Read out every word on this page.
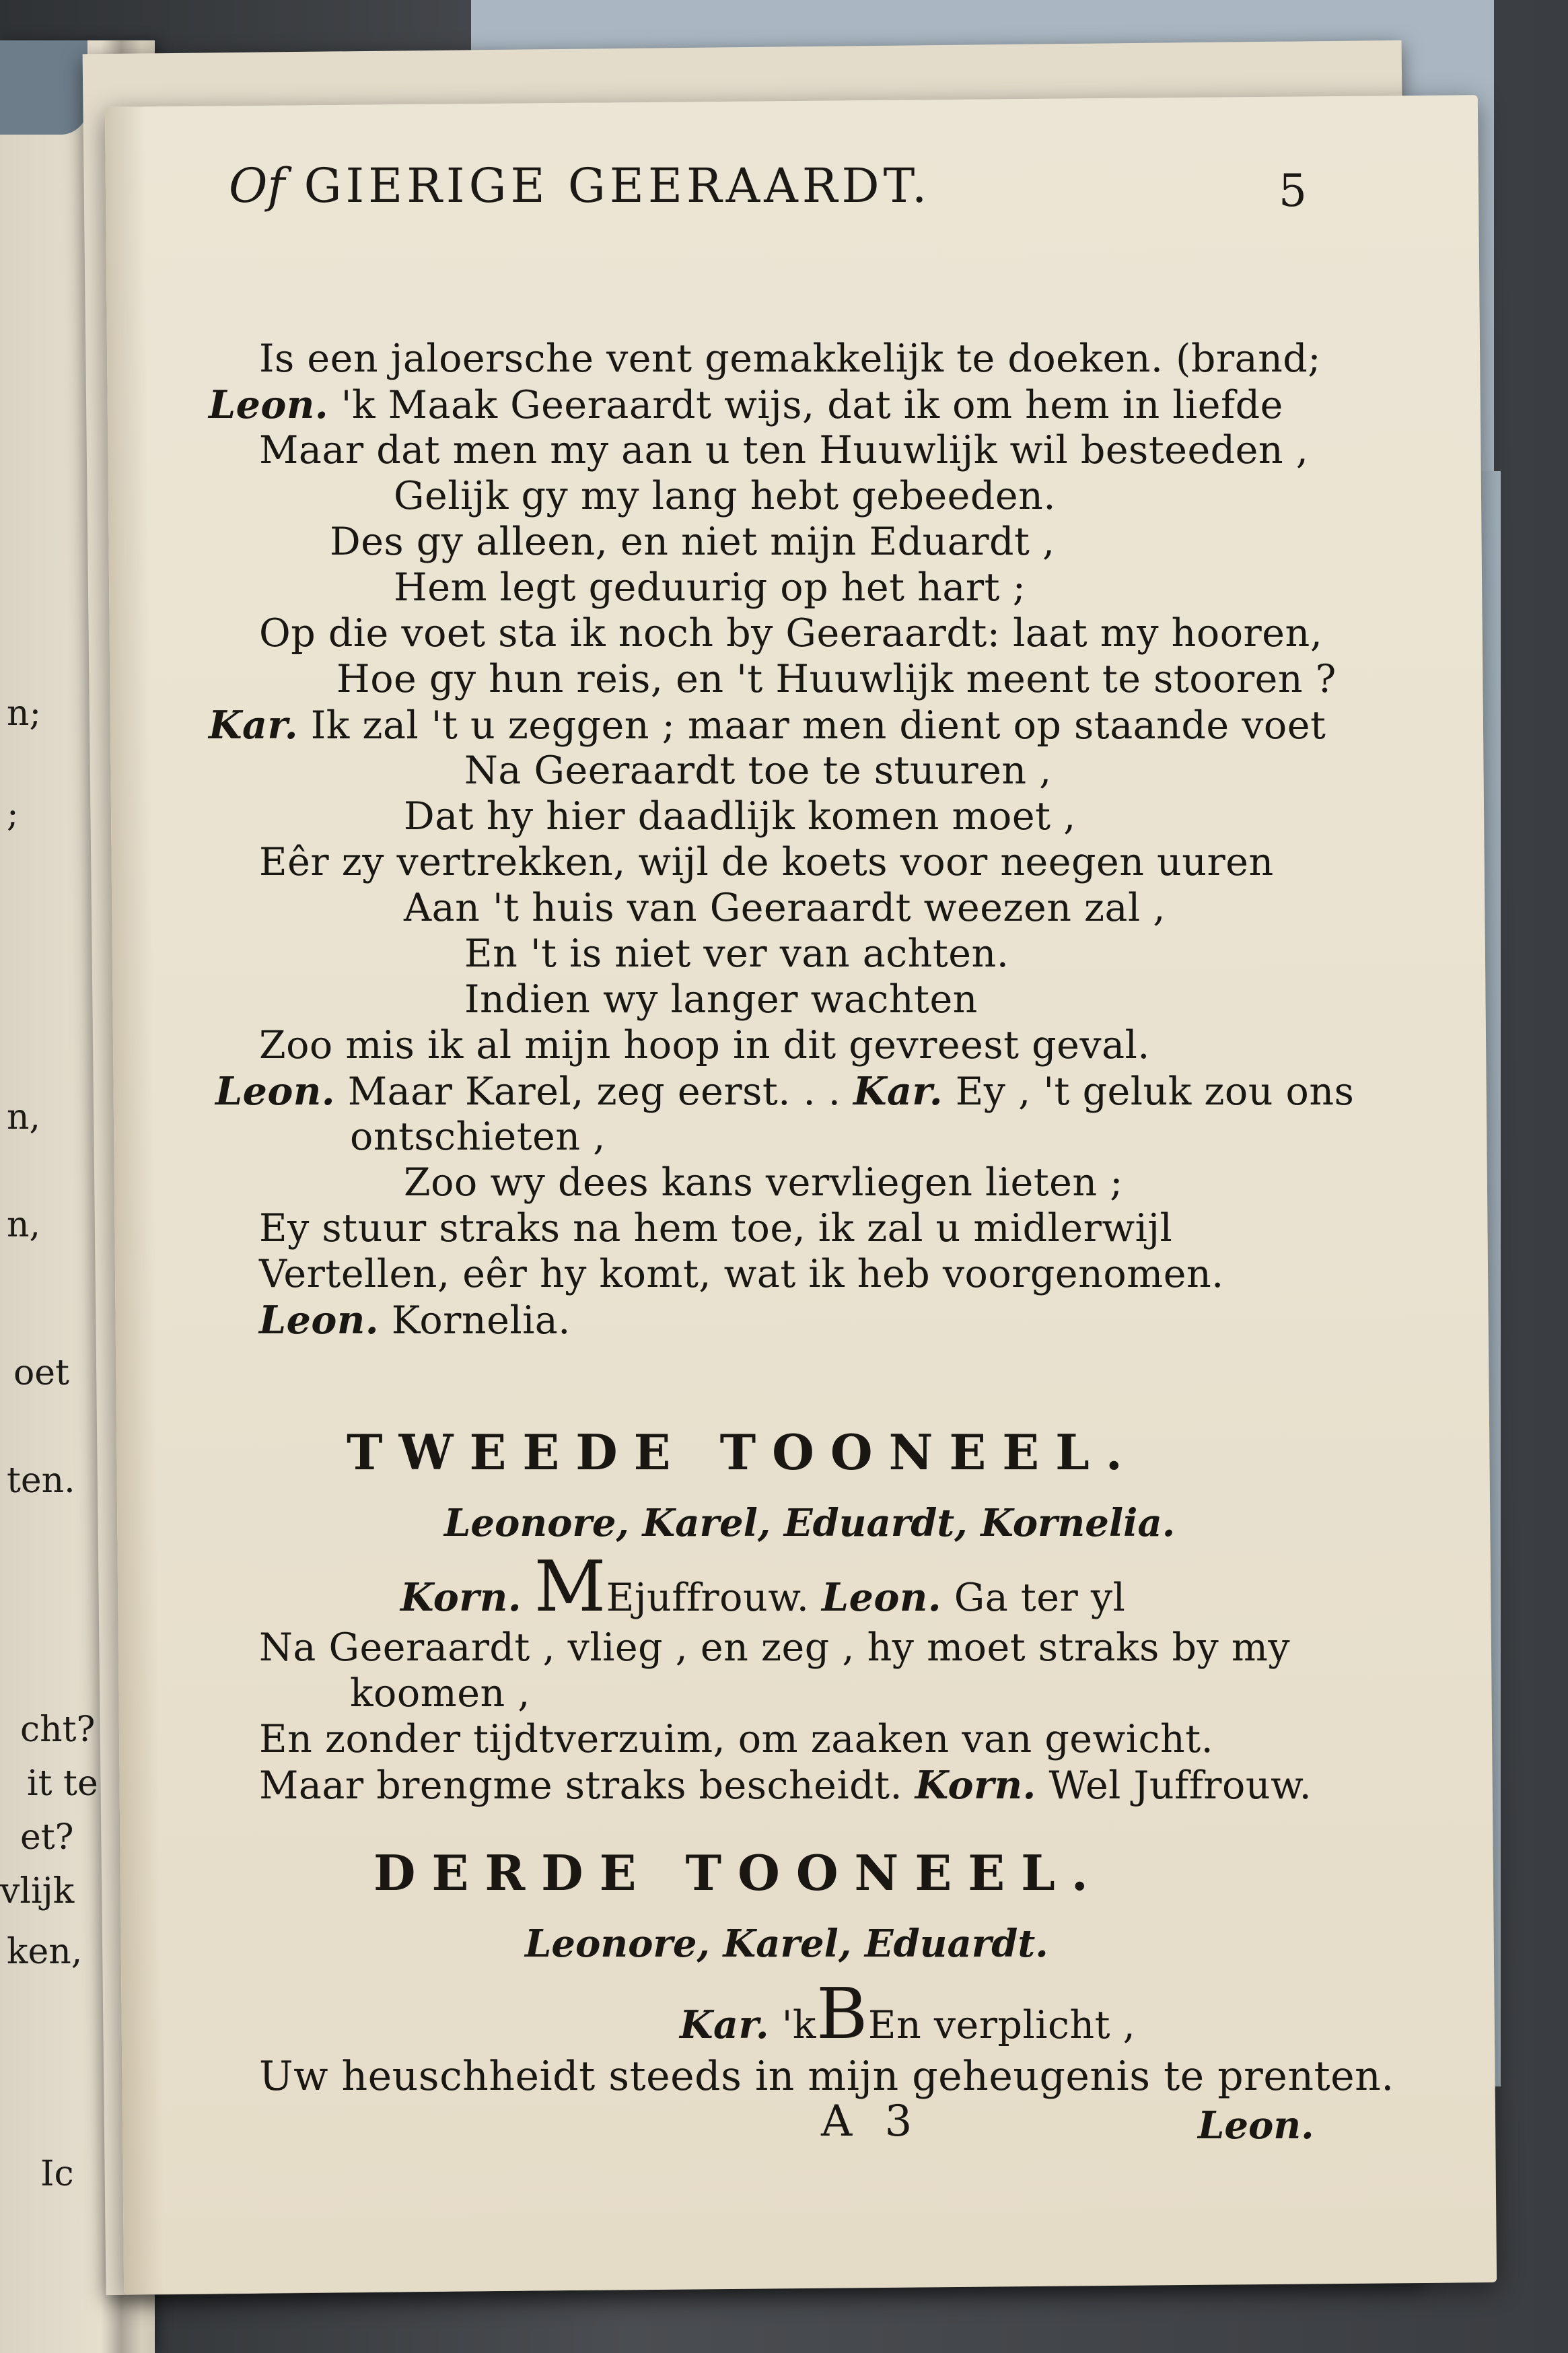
n;
;
n,
n,
oet
ten.
cht?
it te
et?
vlijk
ken,
Ic
Of GIERIGE GEERAARDT.	5
Is een jaloersche vent gemakkelijk te doeken. (brand;
Leon. 'k Maak Geeraardt wijs, dat ik om hem in liefde
Maar dat men my aan u ten Huuwlijk wil besteeden ,
Gelijk gy my lang hebt gebeeden.
Des gy alleen, en niet mijn Eduardt ,
Hem legt geduurig op het hart ;
Op die voet sta ik noch by Geeraardt: laat my hooren,
Hoe gy hun reis, en 't Huuwlijk meent te stooren ?
Kar. Ik zal 't u zeggen ; maar men dient op staande voet
Na Geeraardt toe te stuuren ,
Dat hy hier daadlijk komen moet ,
Eêr zy vertrekken, wijl de koets voor neegen uuren
Aan 't huis van Geeraardt weezen zal ,
En 't is niet ver van achten.
Indien wy langer wachten
Zoo mis ik al mijn hoop in dit gevreest geval.
Leon. Maar Karel, zeg eerst. . . Kar. Ey , 't geluk zou ons
ontschieten ,
Zoo wy dees kans vervliegen lieten ;
Ey stuur straks na hem toe, ik zal u midlerwijl
Vertellen, eêr hy komt, wat ik heb voorgenomen.
Leon. Kornelia.
TWEEDE TOONEEL.
Leonore, Karel, Eduardt, Kornelia.
Korn. MEjuffrouw. Leon. Ga ter yl
Na Geeraardt , vlieg , en zeg , hy moet straks by my
koomen ,
En zonder tijdtverzuim, om zaaken van gewicht.
Maar brengme straks bescheidt. Korn. Wel Juffrouw.
DERDE TOONEEL.
Leonore, Karel, Eduardt.
Kar. 'kBEn verplicht ,
Uw heuschheidt steeds in mijn geheugenis te prenten.
A 3	Leon.
